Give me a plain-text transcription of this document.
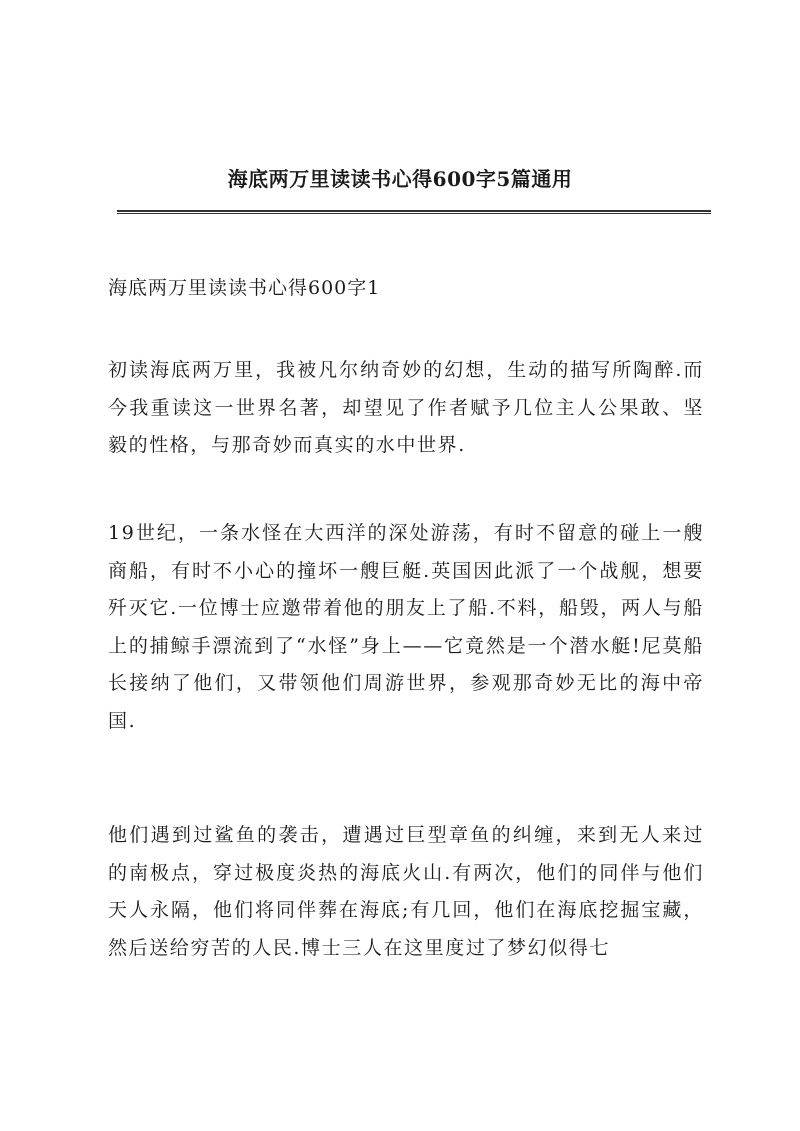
海底两万里读读书心得600字5篇通用
海底两万里读读书心得600字1
初读海底两万里，我被凡尔纳奇妙的幻想，生动的描写所陶醉.而今我重读这一世界名著，却望见了作者赋予几位主人公果敢、坚毅的性格，与那奇妙而真实的水中世界.
19世纪，一条水怪在大西洋的深处游荡，有时不留意的碰上一艘商船，有时不小心的撞坏一艘巨艇.英国因此派了一个战舰，想要歼灭它.一位博士应邀带着他的朋友上了船.不料，船毁，两人与船上的捕鲸手漂流到了“水怪”身上——它竟然是一个潜水艇!尼莫船长接纳了他们，又带领他们周游世界，参观那奇妙无比的海中帝国.
他们遇到过鲨鱼的袭击，遭遇过巨型章鱼的纠缠，来到无人来过的南极点，穿过极度炎热的海底火山.有两次，他们的同伴与他们天人永隔，他们将同伴葬在海底;有几回，他们在海底挖掘宝藏，然后送给穷苦的人民.博士三人在这里度过了梦幻似得七
